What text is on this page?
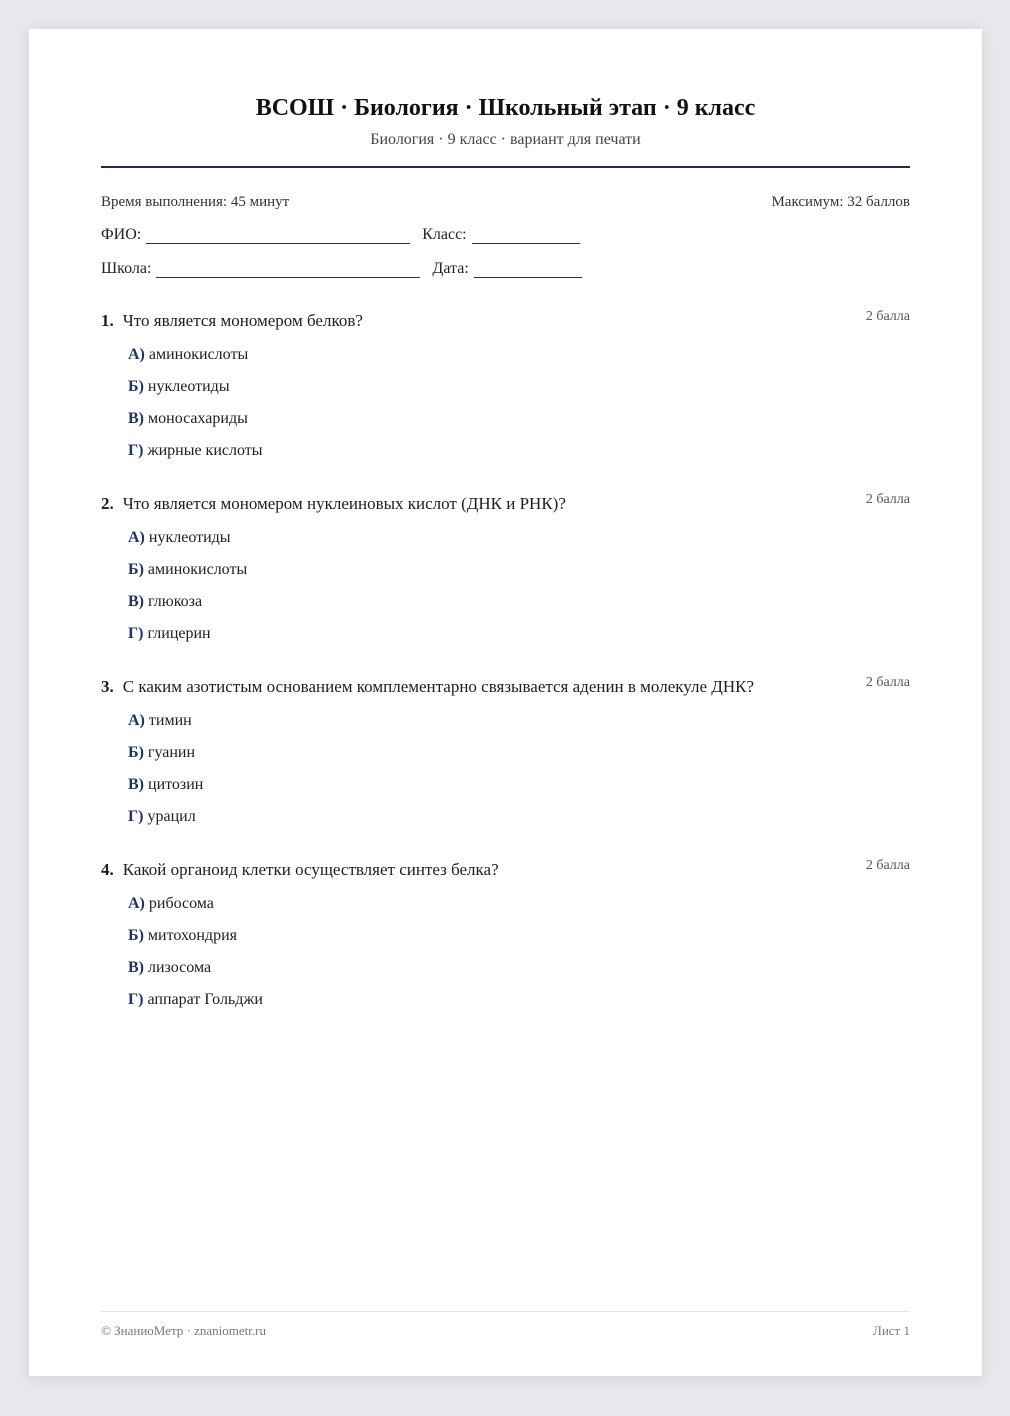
ВСОШ · Биология · Школьный этап · 9 класс
Биология · 9 класс · вариант для печати
Время выполнения: 45 минут	Максимум: 32 баллов
ФИО:	Класс:
Школа:	Дата:
1. Что является мономером белков?	2 балла
А) аминокислоты
Б) нуклеотиды
В) моносахариды
Г) жирные кислоты
2. Что является мономером нуклеиновых кислот (ДНК и РНК)?	2 балла
А) нуклеотиды
Б) аминокислоты
В) глюкоза
Г) глицерин
3. С каким азотистым основанием комплементарно связывается аденин в молекуле ДНК?	2 балла
А) тимин
Б) гуанин
В) цитозин
Г) урацил
4. Какой органоид клетки осуществляет синтез белка?	2 балла
А) рибосома
Б) митохондрия
В) лизосома
Г) аппарат Гольджи
© ЗнаниоМетр · znaniometr.ru	Лист 1
